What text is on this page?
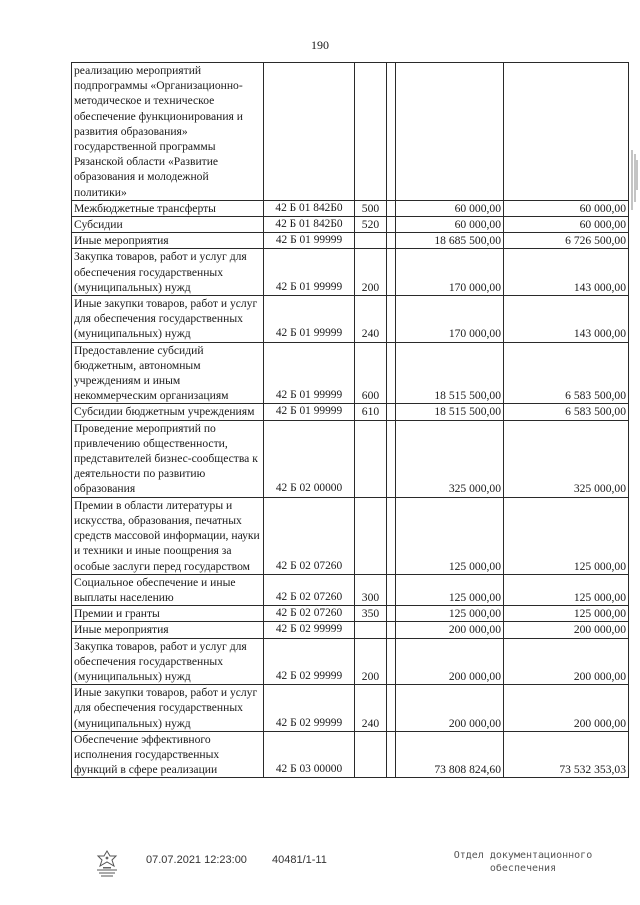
190
реализацию мероприятий подпрограммы «Организационно-методическое и техническое обеспечение функционирования и развития образования» государственной программы Рязанской области «Развитие образования и молодежной политики»					
Межбюджетные трансферты	42 Б 01 842Б0	500		60 000,00	60 000,00
Субсидии	42 Б 01 842Б0	520		60 000,00	60 000,00
Иные мероприятия	42 Б 01 99999			18 685 500,00	6 726 500,00
Закупка товаров, работ и услуг для обеспечения государственных (муниципальных) нужд	42 Б 01 99999	200		170 000,00	143 000,00
Иные закупки товаров, работ и услуг для обеспечения государственных (муниципальных) нужд	42 Б 01 99999	240		170 000,00	143 000,00
Предоставление субсидий бюджетным, автономным учреждениям и иным некоммерческим организациям	42 Б 01 99999	600		18 515 500,00	6 583 500,00
Субсидии бюджетным учреждениям	42 Б 01 99999	610		18 515 500,00	6 583 500,00
Проведение мероприятий по привлечению общественности, представителей бизнес-сообщества к деятельности по развитию образования	42 Б 02 00000			325 000,00	325 000,00
Премии в области литературы и искусства, образования, печатных средств массовой информации, науки и техники и иные поощрения за особые заслуги перед государством	42 Б 02 07260			125 000,00	125 000,00
Социальное обеспечение и иные выплаты населению	42 Б 02 07260	300		125 000,00	125 000,00
Премии и гранты	42 Б 02 07260	350		125 000,00	125 000,00
Иные мероприятия	42 Б 02 99999			200 000,00	200 000,00
Закупка товаров, работ и услуг для обеспечения государственных (муниципальных) нужд	42 Б 02 99999	200		200 000,00	200 000,00
Иные закупки товаров, работ и услуг для обеспечения государственных (муниципальных) нужд	42 Б 02 99999	240		200 000,00	200 000,00
Обеспечение эффективного исполнения государственных функций в сфере реализации	42 Б 03 00000			73 808 824,60	73 532 353,03
07.07.2021 12:23:00 40481/1-11	Отдел документационного
обеспечения
